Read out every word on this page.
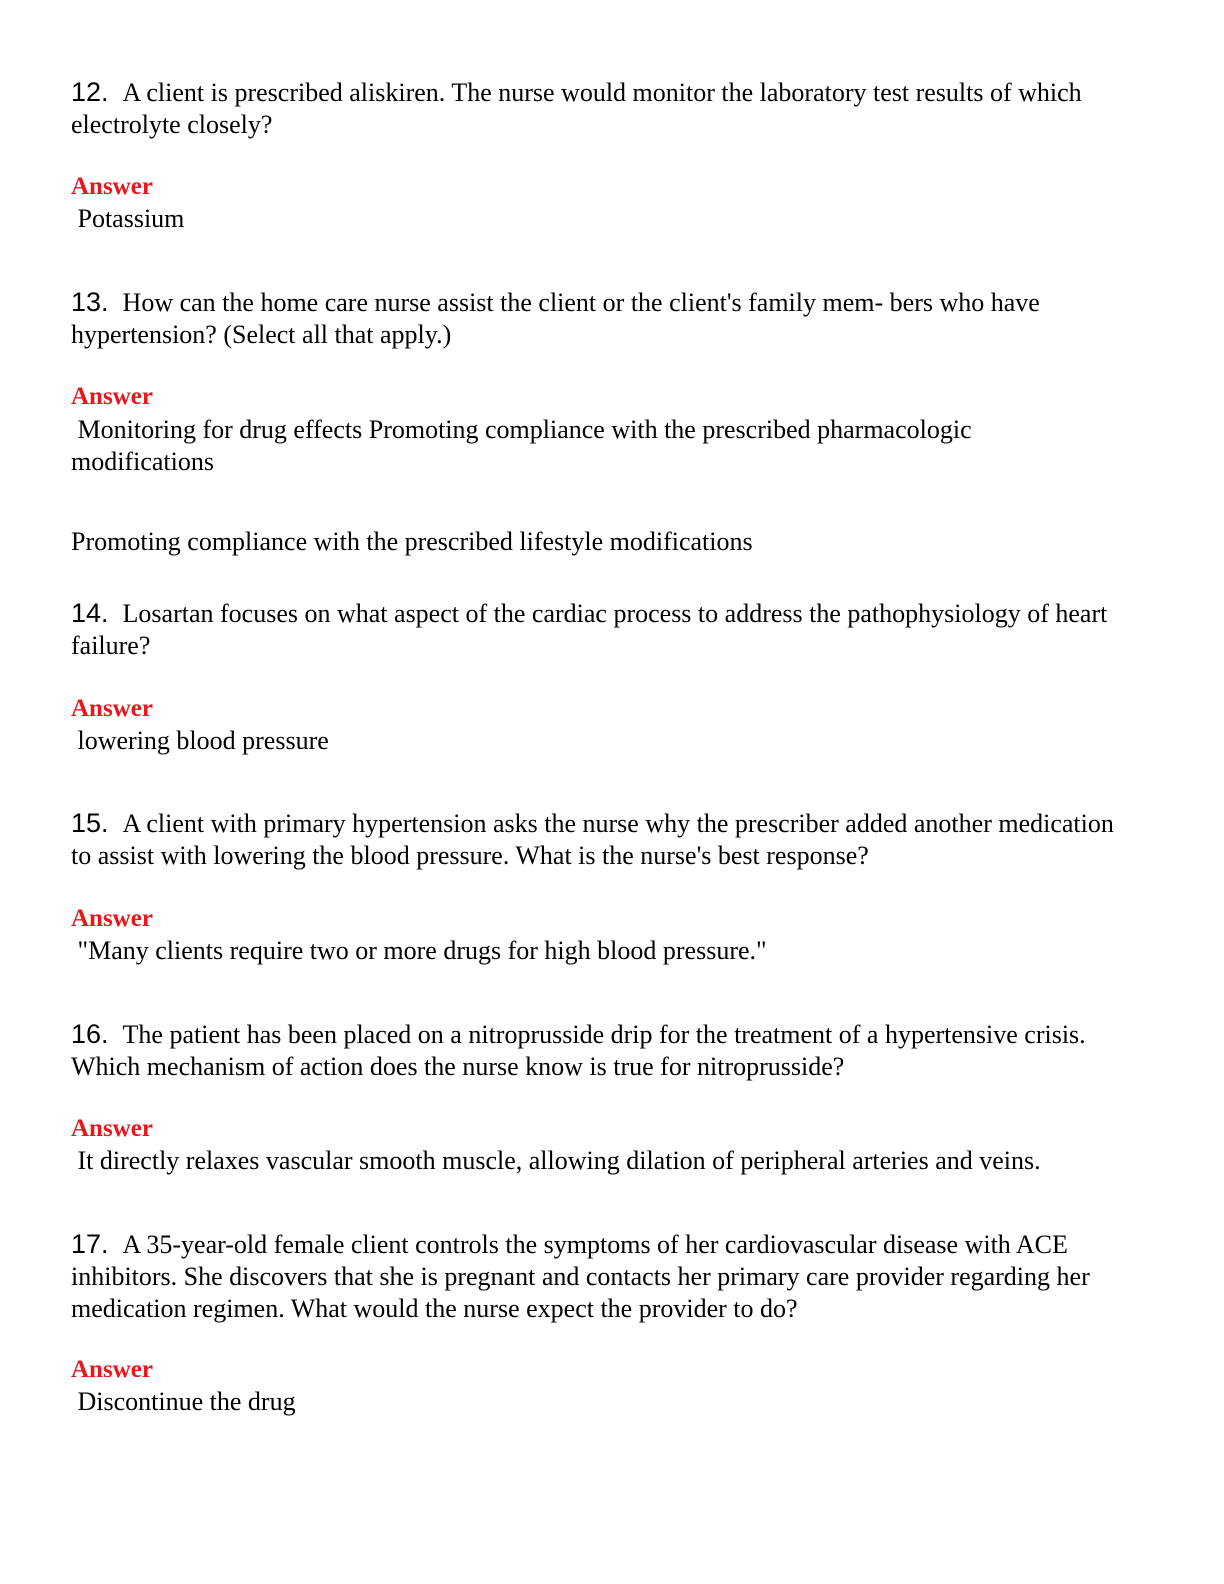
12. A client is prescribed aliskiren. The nurse would monitor the laboratory test results of which electrolyte closely?
Answer
Potassium
13. How can the home care nurse assist the client or the client's family mem- bers who have hypertension? (Select all that apply.)
Answer
Monitoring for drug effects Promoting compliance with the prescribed pharmacologic modifications
Promoting compliance with the prescribed lifestyle modifications
14. Losartan focuses on what aspect of the cardiac process to address the pathophysiology of heart failure?
Answer
lowering blood pressure
15. A client with primary hypertension asks the nurse why the prescriber added another medication to assist with lowering the blood pressure. What is the nurse's best response?
Answer
"Many clients require two or more drugs for high blood pressure."
16. The patient has been placed on a nitroprusside drip for the treatment of a hypertensive crisis. Which mechanism of action does the nurse know is true for nitroprusside?
Answer
It directly relaxes vascular smooth muscle, allowing dilation of peripheral arteries and veins.
17. A 35-year-old female client controls the symptoms of her cardiovascular disease with ACE inhibitors. She discovers that she is pregnant and contacts her primary care provider regarding her medication regimen. What would the nurse expect the provider to do?
Answer
Discontinue the drug
